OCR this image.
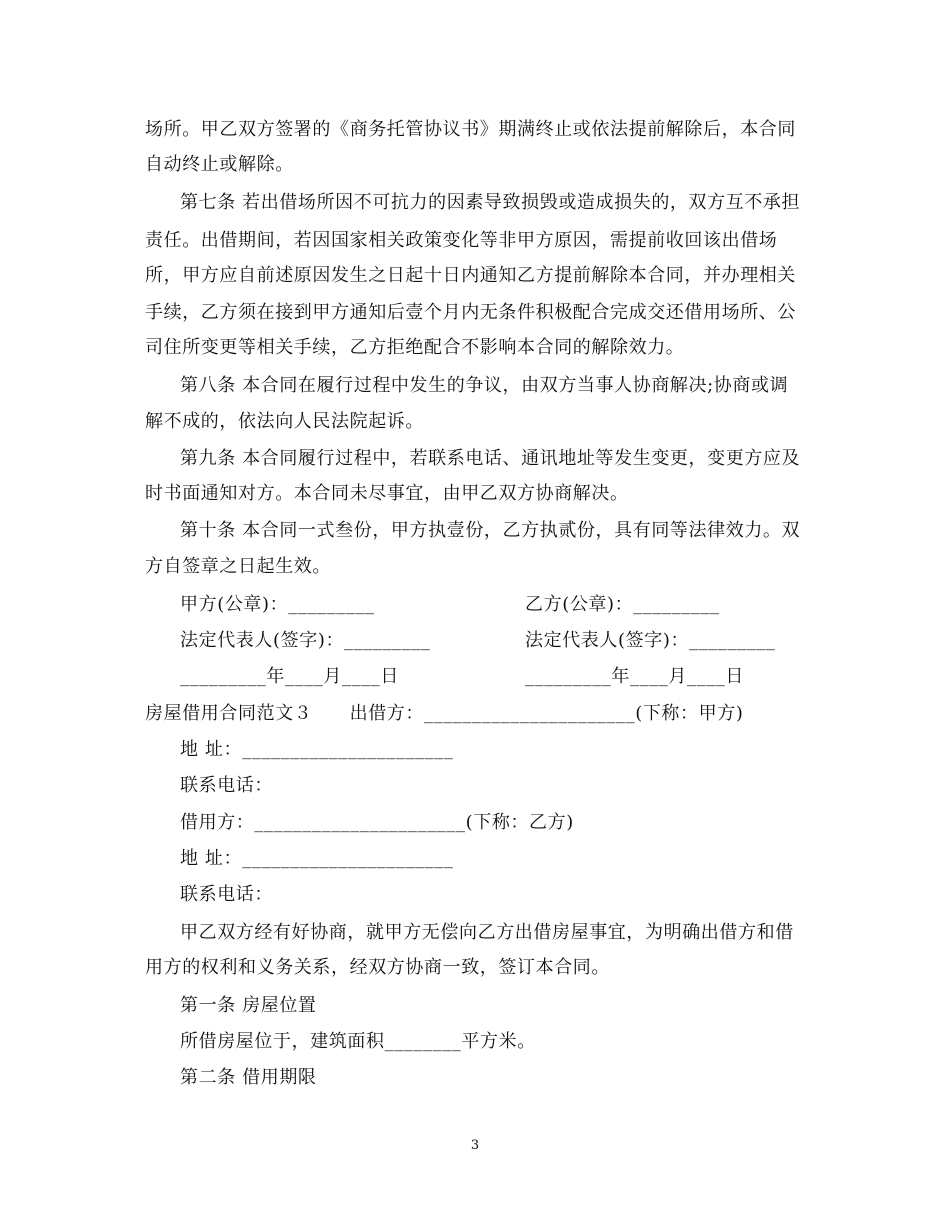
场所。甲乙双方签署的《商务托管协议书》期满终止或依法提前解除后，本合同
自动终止或解除。
第七条 若出借场所因不可抗力的因素导致损毁或造成损失的，双方互不承担
责任。出借期间，若因国家相关政策变化等非甲方原因，需提前收回该出借场
所，甲方应自前述原因发生之日起十日内通知乙方提前解除本合同，并办理相关
手续，乙方须在接到甲方通知后壹个月内无条件积极配合完成交还借用场所、公
司住所变更等相关手续，乙方拒绝配合不影响本合同的解除效力。
第八条 本合同在履行过程中发生的争议，由双方当事人协商解决;协商或调
解不成的，依法向人民法院起诉。
第九条 本合同履行过程中，若联系电话、通讯地址等发生变更，变更方应及
时书面通知对方。本合同未尽事宜，由甲乙双方协商解决。
第十条 本合同一式叁份，甲方执壹份，乙方执贰份，具有同等法律效力。双
方自签章之日起生效。
甲方(公章)：_________	乙方(公章)：_________
法定代表人(签字)：_________	法定代表人(签字)：_________
_________年____月____日	_________年____月____日
房屋借用合同范文３　　出借方：______________________(下称：甲方)
地 址：______________________
联系电话：
借用方：______________________(下称：乙方)
地 址：______________________
联系电话：
甲乙双方经有好协商，就甲方无偿向乙方出借房屋事宜，为明确出借方和借
用方的权利和义务关系，经双方协商一致，签订本合同。
第一条 房屋位置
所借房屋位于，建筑面积________平方米。
第二条 借用期限
3
